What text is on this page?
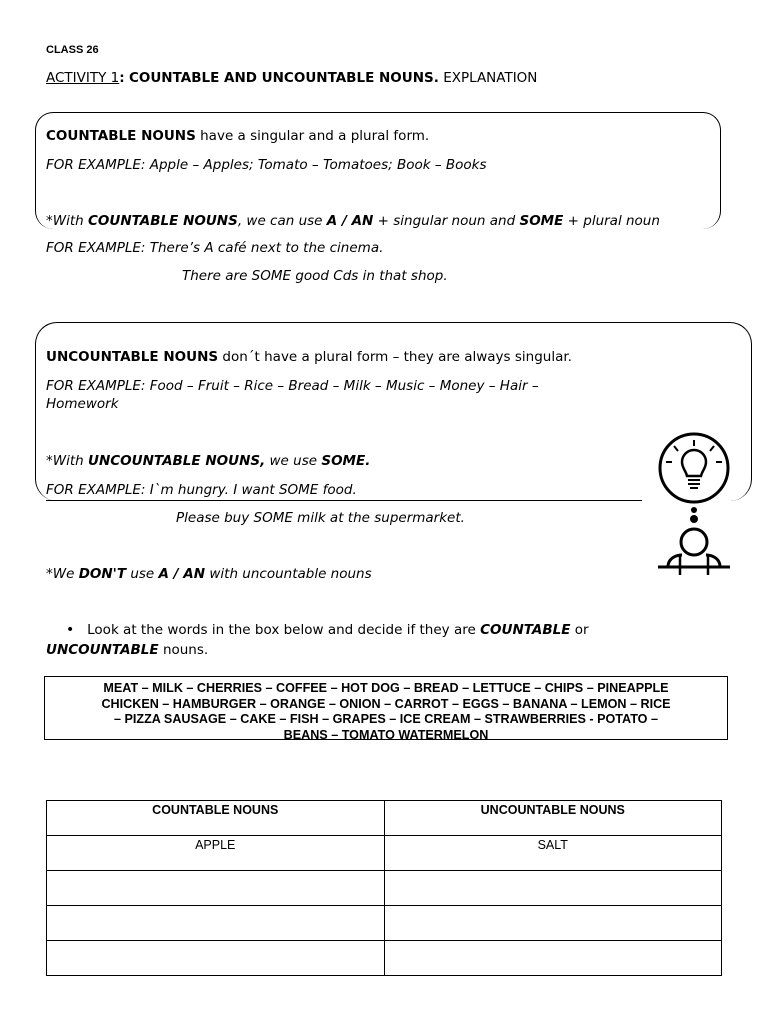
CLASS 26
ACTIVITY 1: COUNTABLE AND UNCOUNTABLE NOUNS. EXPLANATION
COUNTABLE NOUNS have a singular and a plural form.
FOR EXAMPLE: Apple – Apples; Tomato – Tomatoes; Book – Books
*With COUNTABLE NOUNS, we can use A / AN + singular noun and SOME + plural noun
FOR EXAMPLE: There’s A café next to the cinema.
There are SOME good Cds in that shop.
UNCOUNTABLE NOUNS don´t have a plural form – they are always singular.
FOR EXAMPLE: Food – Fruit – Rice – Bread – Milk – Music – Money – Hair –
Homework
*With UNCOUNTABLE NOUNS, we use SOME.
FOR EXAMPLE: I`m hungry. I want SOME food.
Please buy SOME milk at the supermarket.
*We DON'T use A / AN with uncountable nouns
• Look at the words in the box below and decide if they are COUNTABLE or
UNCOUNTABLE nouns.
MEAT – MILK – CHERRIES – COFFEE – HOT DOG – BREAD – LETTUCE – CHIPS – PINEAPPLE
CHICKEN – HAMBURGER – ORANGE – ONION – CARROT – EGGS – BANANA – LEMON – RICE
– PIZZA SAUSAGE – CAKE – FISH – GRAPES – ICE CREAM – STRAWBERRIES - POTATO –
BEANS – TOMATO WATERMELON
COUNTABLE NOUNS	UNCOUNTABLE NOUNS
APPLE	SALT
